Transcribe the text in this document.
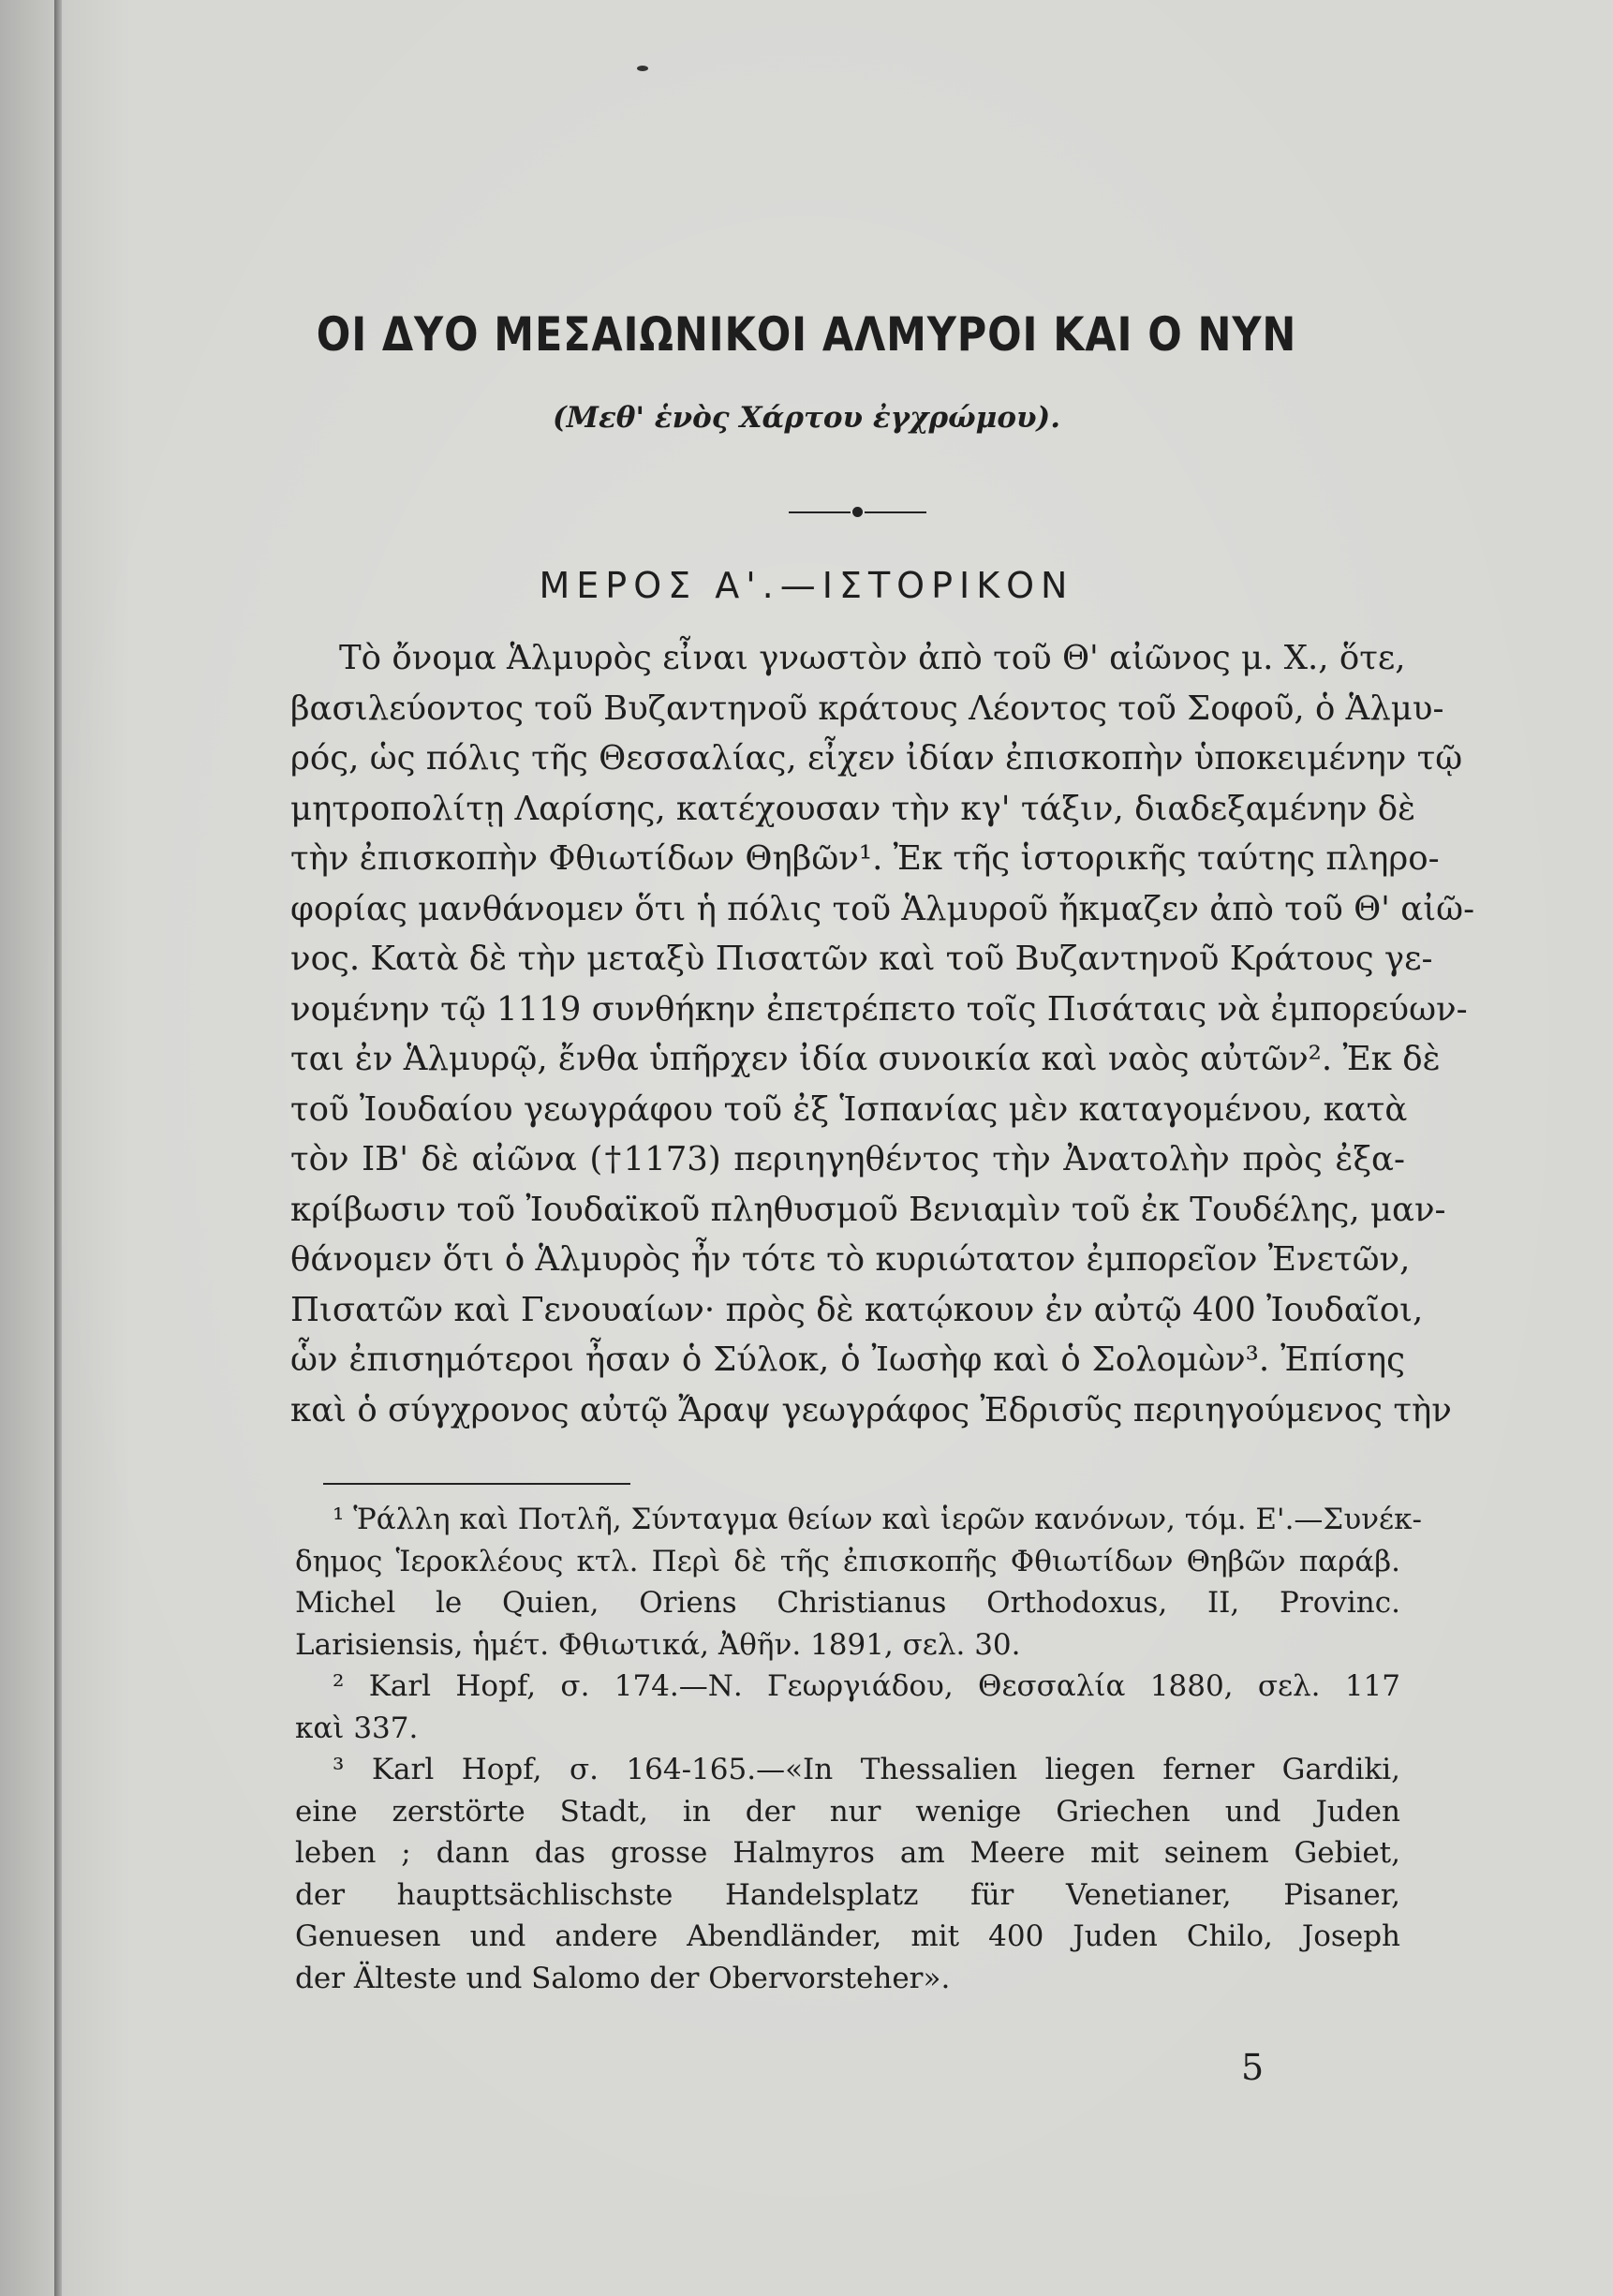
ΟΙ ΔΥΟ ΜΕΣΑΙΩΝΙΚΟΙ ΑΛΜΥΡΟΙ ΚΑΙ Ο ΝΥΝ
(Μεθ' ἑνὸς Χάρτου ἐγχρώμου).
ΜΕΡΟΣ Α'.—ΙΣΤΟΡΙΚΟΝ
Τὸ ὄνομα Ἁλμυρὸς εἶναι γνωστὸν ἀπὸ τοῦ Θ' αἰῶνος μ. Χ., ὅτε,
βασιλεύοντος τοῦ Βυζαντηνοῦ κράτους Λέοντος τοῦ Σοφοῦ, ὁ Ἁλμυ-
ρός, ὡς πόλις τῆς Θεσσαλίας, εἶχεν ἰδίαν ἐπισκοπὴν ὑποκειμένην τῷ
μητροπολίτῃ Λαρίσης, κατέχουσαν τὴν κγ' τάξιν, διαδεξαμένην δὲ
τὴν ἐπισκοπὴν Φθιωτίδων Θηβῶν¹. Ἐκ τῆς ἱστορικῆς ταύτης πληρο-
φορίας μανθάνομεν ὅτι ἡ πόλις τοῦ Ἁλμυροῦ ἤκμαζεν ἀπὸ τοῦ Θ' αἰῶ-
νος. Κατὰ δὲ τὴν μεταξὺ Πισατῶν καὶ τοῦ Βυζαντηνοῦ Κράτους γε-
νομένην τῷ 1119 συνθήκην ἐπετρέπετο τοῖς Πισάταις νὰ ἐμπορεύων-
ται ἐν Ἁλμυρῷ, ἔνθα ὑπῆρχεν ἰδία συνοικία καὶ ναὸς αὐτῶν². Ἐκ δὲ
τοῦ Ἰουδαίου γεωγράφου τοῦ ἐξ Ἱσπανίας μὲν καταγομένου, κατὰ
τὸν ΙΒ' δὲ αἰῶνα (†1173) περιηγηθέντος τὴν Ἀνατολὴν πρὸς ἐξα-
κρίβωσιν τοῦ Ἰουδαϊκοῦ πληθυσμοῦ Βενιαμὶν τοῦ ἐκ Τουδέλης, μαν-
θάνομεν ὅτι ὁ Ἁλμυρὸς ἦν τότε τὸ κυριώτατον ἐμπορεῖον Ἐνετῶν,
Πισατῶν καὶ Γενουαίων· πρὸς δὲ κατῴκουν ἐν αὐτῷ 400 Ἰουδαῖοι,
ὧν ἐπισημότεροι ἦσαν ὁ Σύλοκ, ὁ Ἰωσὴφ καὶ ὁ Σολομὼν³. Ἐπίσης
καὶ ὁ σύγχρονος αὐτῷ Ἄραψ γεωγράφος Ἐδρισῦς περιηγούμενος τὴν
¹ Ῥάλλη καὶ Ποτλῆ, Σύνταγμα θείων καὶ ἱερῶν κανόνων, τόμ. Ε'.—Συνέκ-
δημος Ἱεροκλέους κτλ. Περὶ δὲ τῆς ἐπισκοπῆς Φθιωτίδων Θηβῶν παράβ.
Michel le Quien, Oriens Christianus Orthodoxus, II, Provinc.
Larisiensis, ἡμέτ. Φθιωτικά, Ἀθῆν. 1891, σελ. 30.
² Karl Hopf, σ. 174.—Ν. Γεωργιάδου, Θεσσαλία 1880, σελ. 117
καὶ 337.
³ Karl Hopf, σ. 164-165.—«In Thessalien liegen ferner Gardiki,
eine zerstörte Stadt, in der nur wenige Griechen und Juden
leben ; dann das grosse Halmyros am Meere mit seinem Gebiet,
der haupttsächlischste Handelsplatz für Venetianer, Pisaner,
Genuesen und andere Abendländer, mit 400 Juden Chilo, Joseph
der Älteste und Salomo der Obervorsteher».
5
